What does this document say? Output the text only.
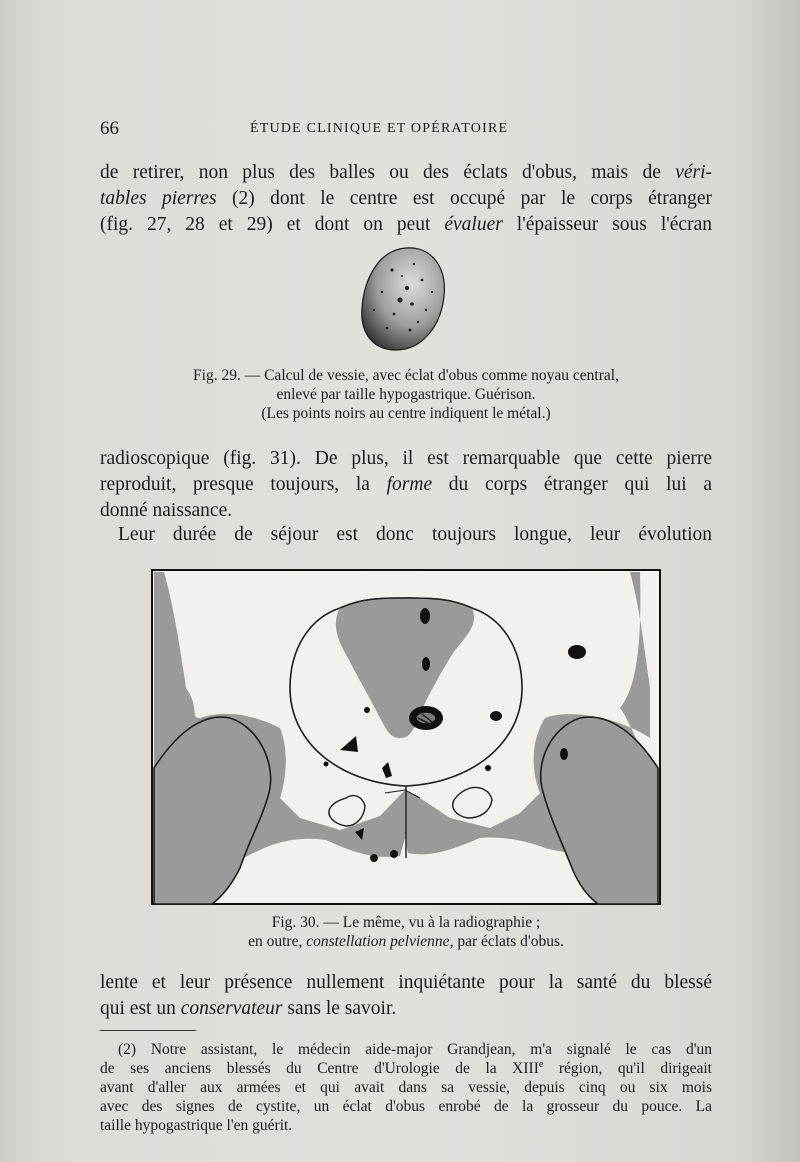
66	ÉTUDE CLINIQUE ET OPÉRATOIRE

de retirer, non plus des balles ou des éclats d'obus, mais de véri-
tables pierres (2) dont le centre est occupé par le corps étranger
(fig. 27, 28 et 29) et dont on peut évaluer l'épaisseur sous l'écran

Fig. 29. — Calcul de vessie, avec éclat d'obus comme noyau central,
enlevé par taille hypogastrique. Guérison.
(Les points noirs au centre indiquent le métal.)

radioscopique (fig. 31). De plus, il est remarquable que cette pierre
reproduit, presque toujours, la forme du corps étranger qui lui a
donné naissance.

Leur durée de séjour est donc toujours longue, leur évolution

Fig. 30. — Le même, vu à la radiographie ;
en outre, constellation pelvienne, par éclats d'obus.

lente et leur présence nullement inquiétante pour la santé du blessé
qui est un conservateur sans le savoir.

(2) Notre assistant, le médecin aide-major Grandjean, m'a signalé le cas d'un
de ses anciens blessés du Centre d'Urologie de la XIIIe région, qu'il dirigeait
avant d'aller aux armées et qui avait dans sa vessie, depuis cinq ou six mois
avec des signes de cystite, un éclat d'obus enrobé de la grosseur du pouce. La
taille hypogastrique l'en guérit.
